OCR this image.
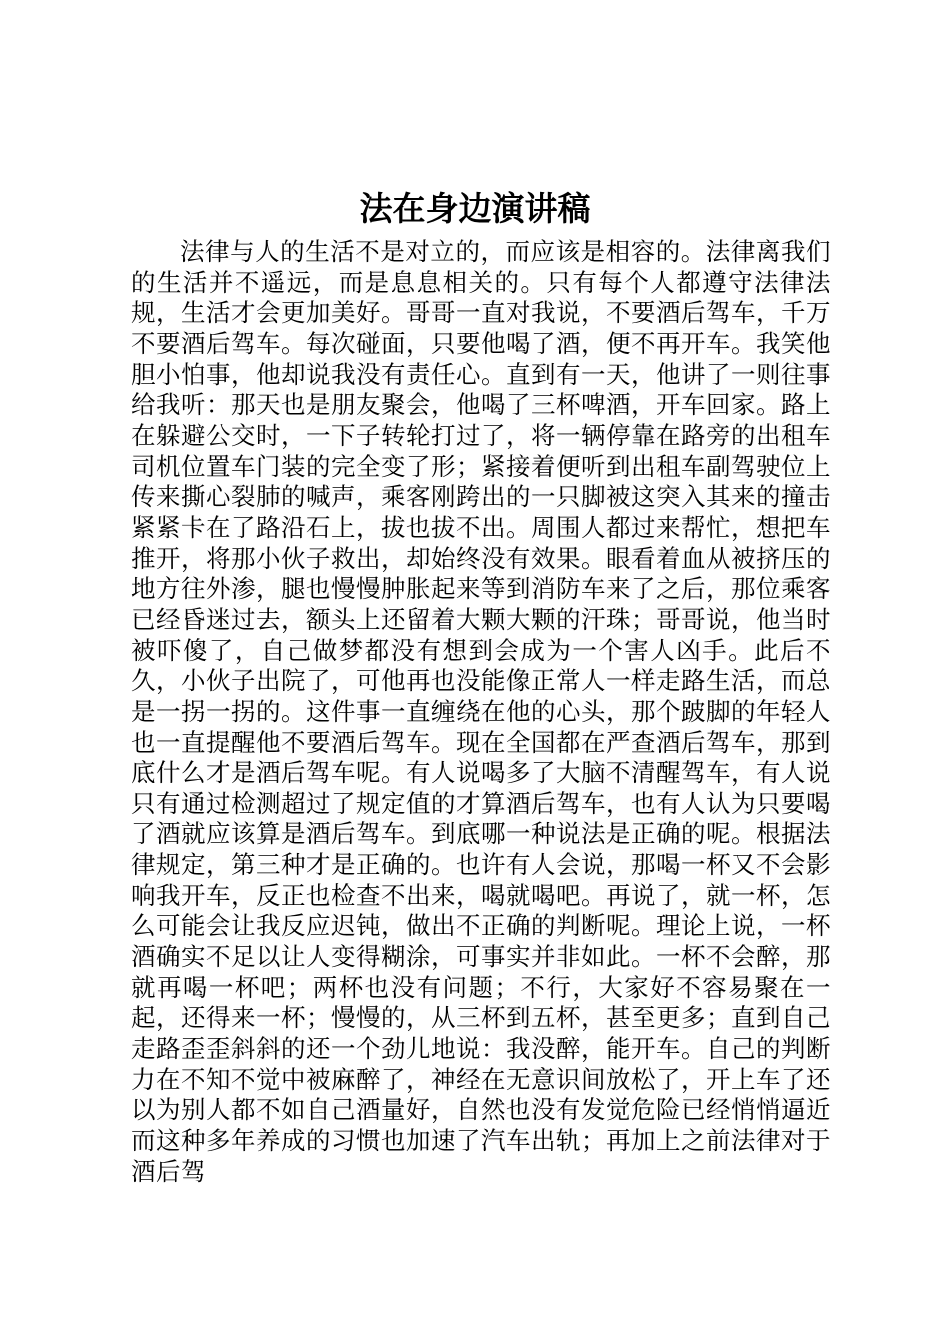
法在身边演讲稿

法律与人的生活不是对立的，而应该是相容的。法律离我们的生活并不遥远，而是息息相关的。只有每个人都遵守法律法规，生活才会更加美好。哥哥一直对我说，不要酒后驾车，千万不要酒后驾车。每次碰面，只要他喝了酒，便不再开车。我笑他胆小怕事，他却说我没有责任心。直到有一天，他讲了一则往事给我听：那天也是朋友聚会，他喝了三杯啤酒，开车回家。路上在躲避公交时，一下子转轮打过了，将一辆停靠在路旁的出租车司机位置车门装的完全变了形；紧接着便听到出租车副驾驶位上传来撕心裂肺的喊声，乘客刚跨出的一只脚被这突入其来的撞击紧紧卡在了路沿石上，拔也拔不出。周围人都过来帮忙，想把车推开，将那小伙子救出，却始终没有效果。眼看着血从被挤压的地方往外渗，腿也慢慢肿胀起来等到消防车来了之后，那位乘客已经昏迷过去，额头上还留着大颗大颗的汗珠；哥哥说，他当时被吓傻了，自己做梦都没有想到会成为一个害人凶手。此后不久，小伙子出院了，可他再也没能像正常人一样走路生活，而总是一拐一拐的。这件事一直缠绕在他的心头，那个跛脚的年轻人也一直提醒他不要酒后驾车。现在全国都在严查酒后驾车，那到底什么才是酒后驾车呢。有人说喝多了大脑不清醒驾车，有人说只有通过检测超过了规定值的才算酒后驾车，也有人认为只要喝了酒就应该算是酒后驾车。到底哪一种说法是正确的呢。根据法律规定，第三种才是正确的。也许有人会说，那喝一杯又不会影响我开车，反正也检查不出来，喝就喝吧。再说了，就一杯，怎么可能会让我反应迟钝，做出不正确的判断呢。理论上说，一杯酒确实不足以让人变得糊涂，可事实并非如此。一杯不会醉，那就再喝一杯吧；两杯也没有问题；不行，大家好不容易聚在一起，还得来一杯；慢慢的，从三杯到五杯，甚至更多；直到自己走路歪歪斜斜的还一个劲儿地说：我没醉，能开车。自己的判断力在不知不觉中被麻醉了，神经在无意识间放松了，开上车了还以为别人都不如自己酒量好，自然也没有发觉危险已经悄悄逼近而这种多年养成的习惯也加速了汽车出轨；再加上之前法律对于酒后驾
